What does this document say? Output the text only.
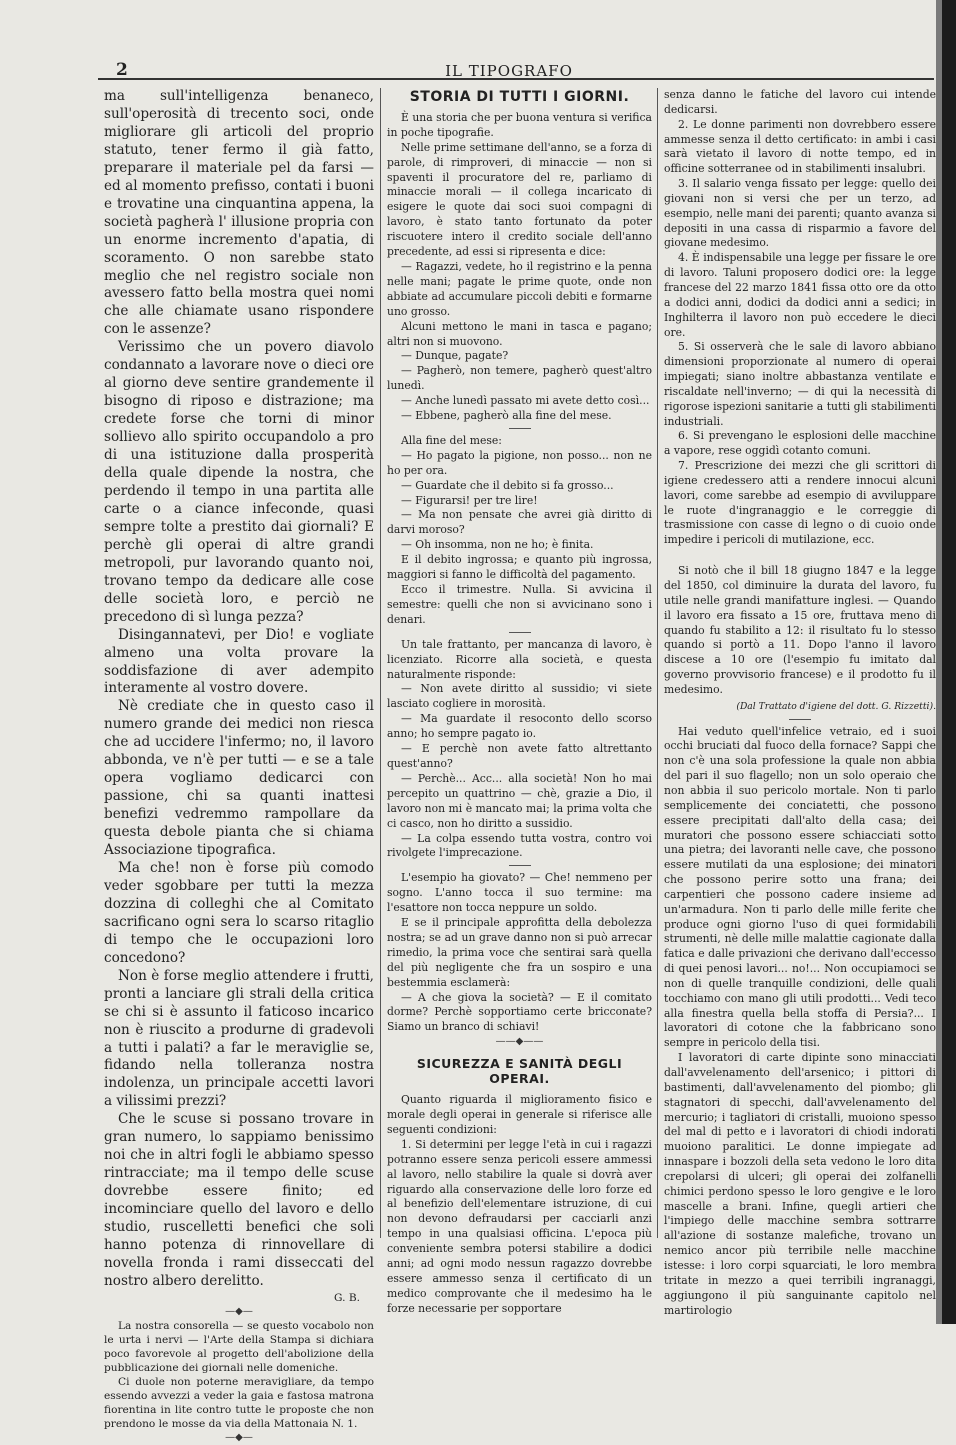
2	IL TIPOGRAFO

ma sull'intelligenza benaneco, sull'operosità di trecento soci, onde migliorare gli articoli del proprio statuto, tener fermo il già fatto, preparare il materiale pel da farsi — ed al momento prefisso, contati i buoni e trovatine una cinquantina appena, la società pagherà l' illusione propria con un enorme incremento d'apatia, di scoramento. O non sarebbe stato meglio che nel registro sociale non avessero fatto bella mostra quei nomi che alle chiamate usano rispondere con le assenze?

Verissimo che un povero diavolo condannato a lavorare nove o dieci ore al giorno deve sentire grandemente il bisogno di riposo e distrazione; ma credete forse che torni di minor sollievo allo spirito occupandolo a pro di una istituzione dalla prosperità della quale dipende la nostra, che perdendo il tempo in una partita alle carte o a ciance infeconde, quasi sempre tolte a prestito dai giornali? E perchè gli operai di altre grandi metropoli, pur lavorando quanto noi, trovano tempo da dedicare alle cose delle società loro, e perciò ne precedono di sì lunga pezza?

Disingannatevi, per Dio! e vogliate almeno una volta provare la soddisfazione di aver adempito interamente al vostro dovere.

Nè crediate che in questo caso il numero grande dei medici non riesca che ad uccidere l'infermo; no, il lavoro abbonda, ve n'è per tutti — e se a tale opera vogliamo dedicarci con passione, chi sa quanti inattesi benefizi vedremmo rampollare da questa debole pianta che si chiama Associazione tipografica.

Ma che! non è forse più comodo veder sgobbare per tutti la mezza dozzina di colleghi che al Comitato sacrificano ogni sera lo scarso ritaglio di tempo che le occupazioni loro concedono?

Non è forse meglio attendere i frutti, pronti a lanciare gli strali della critica se chi si è assunto il faticoso incarico non è riuscito a produrne di gradevoli a tutti i palati? a far le meraviglie se, fidando nella tolleranza nostra indolenza, un principale accetti lavori a vilissimi prezzi?

Che le scuse si possano trovare in gran numero, lo sappiamo benissimo noi che in altri fogli le abbiamo spesso rintracciate; ma il tempo delle scuse dovrebbe essere finito; ed incominciare quello del lavoro e dello studio, ruscelletti benefici che soli hanno potenza di rinnovellare di novella fronda i rami disseccati del nostro albero derelitto.

G. B.

—◆—

La nostra consorella — se questo vocabolo non le urta i nervi — l'Arte della Stampa si dichiara poco favorevole al progetto dell'abolizione della pubblicazione dei giornali nelle domeniche.

Ci duole non poterne meravigliare, da tempo essendo avvezzi a veder la gaia e fastosa matrona fiorentina in lite contro tutte le proposte che non prendono le mosse da via della Mattonaia N. 1.

—◆—
STORIA DI TUTTI I GIORNI.

È una storia che per buona ventura si verifica in poche tipografie.

Nelle prime settimane dell'anno, se a forza di parole, di rimproveri, di minaccie — non si spaventi il procuratore del re, parliamo di minaccie morali — il collega incaricato di esigere le quote dai soci suoi compagni di lavoro, è stato tanto fortunato da poter riscuotere intero il credito sociale dell'anno precedente, ad essi si ripresenta e dice:

— Ragazzi, vedete, ho il registrino e la penna nelle mani; pagate le prime quote, onde non abbiate ad accumulare piccoli debiti e formarne uno grosso.

Alcuni mettono le mani in tasca e pagano; altri non si muovono.

— Dunque, pagate?

— Pagherò, non temere, pagherò quest'altro lunedì.

— Anche lunedì passato mi avete detto così...

— Ebbene, pagherò alla fine del mese.

Alla fine del mese:

— Ho pagato la pigione, non posso... non ne ho per ora.

— Guardate che il debito si fa grosso...

— Figurarsi! per tre lire!

— Ma non pensate che avrei già diritto di darvi moroso?

— Oh insomma, non ne ho; è finita.

E il debito ingrossa; e quanto più ingrossa, maggiori si fanno le difficoltà del pagamento.

Ecco il trimestre. Nulla. Si avvicina il semestre: quelli che non si avvicinano sono i denari.

Un tale frattanto, per mancanza di lavoro, è licenziato. Ricorre alla società, e questa naturalmente risponde:

— Non avete diritto al sussidio; vi siete lasciato cogliere in morosità.

— Ma guardate il resoconto dello scorso anno; ho sempre pagato io.

— E perchè non avete fatto altrettanto quest'anno?

— Perchè... Acc... alla società! Non ho mai percepito un quattrino — chè, grazie a Dio, il lavoro non mi è mancato mai; la prima volta che ci casco, non ho diritto a sussidio.

— La colpa essendo tutta vostra, contro voi rivolgete l'imprecazione.

L'esempio ha giovato? — Che! nemmeno per sogno. L'anno tocca il suo termine: ma l'esattore non tocca neppure un soldo.

E se il principale approfitta della debolezza nostra; se ad un grave danno non si può arrecar rimedio, la prima voce che sentirai sarà quella del più negligente che fra un sospiro e una bestemmia esclamerà:

— A che giova la società? — E il comitato dorme? Perchè sopportiamo certe bricconate? Siamo un branco di schiavi!

——◆——
SICUREZZA E SANITÀ DEGLI OPERAI.

Quanto riguarda il miglioramento fisico e morale degli operai in generale si riferisce alle seguenti condizioni:

1. Si determini per legge l'età in cui i ragazzi potranno essere senza pericoli essere ammessi al lavoro, nello stabilire la quale si dovrà aver riguardo alla conservazione delle loro forze ed al benefizio dell'elementare istruzione, di cui non devono defraudarsi per cacciarli anzi tempo in una qualsiasi officina. L'epoca più conveniente sembra potersi stabilire a dodici anni; ad ogni modo nessun ragazzo dovrebbe essere ammesso senza il certificato di un medico comprovante che il medesimo ha le forze necessarie per sopportare

senza danno le fatiche del lavoro cui intende dedicarsi.

2. Le donne parimenti non dovrebbero essere ammesse senza il detto certificato: in ambi i casi sarà vietato il lavoro di notte tempo, ed in officine sotterranee od in stabilimenti insalubri.

3. Il salario venga fissato per legge: quello dei giovani non si versi che per un terzo, ad esempio, nelle mani dei parenti; quanto avanza si depositi in una cassa di risparmio a favore del giovane medesimo.

4. È indispensabile una legge per fissare le ore di lavoro. Taluni proposero dodici ore: la legge francese del 22 marzo 1841 fissa otto ore da otto a dodici anni, dodici da dodici anni a sedici; in Inghilterra il lavoro non può eccedere le dieci ore.

5. Si osserverà che le sale di lavoro abbiano dimensioni proporzionate al numero di operai impiegati; siano inoltre abbastanza ventilate e riscaldate nell'inverno; — di qui la necessità di rigorose ispezioni sanitarie a tutti gli stabilimenti industriali.

6. Si prevengano le esplosioni delle macchine a vapore, rese oggidì cotanto comuni.

7. Prescrizione dei mezzi che gli scrittori di igiene credessero atti a rendere innocui alcuni lavori, come sarebbe ad esempio di avviluppare le ruote d'ingranaggio e le correggie di trasmissione con casse di legno o di cuoio onde impedire i pericoli di mutilazione, ecc.

Si notò che il bill 18 giugno 1847 e la legge del 1850, col diminuire la durata del lavoro, fu utile nelle grandi manifatture inglesi. — Quando il lavoro era fissato a 15 ore, fruttava meno di quando fu stabilito a 12: il risultato fu lo stesso quando si portò a 11. Dopo l'anno il lavoro discese a 10 ore (l'esempio fu imitato dal governo provvisorio francese) e il prodotto fu il medesimo.

(Dal Trattato d'igiene del dott. G. Rizzetti).

Hai veduto quell'infelice vetraio, ed i suoi occhi bruciati dal fuoco della fornace? Sappi che non c'è una sola professione la quale non abbia del pari il suo flagello; non un solo operaio che non abbia il suo pericolo mortale. Non ti parlo semplicemente dei conciatetti, che possono essere precipitati dall'alto della casa; dei muratori che possono essere schiacciati sotto una pietra; dei lavoranti nelle cave, che possono essere mutilati da una esplosione; dei minatori che possono perire sotto una frana; dei carpentieri che possono cadere insieme ad un'armadura. Non ti parlo delle mille ferite che produce ogni giorno l'uso di quei formidabili strumenti, nè delle mille malattie cagionate dalla fatica e dalle privazioni che derivano dall'eccesso di quei penosi lavori... no!... Non occupiamoci se non di quelle tranquille condizioni, delle quali tocchiamo con mano gli utili prodotti... Vedi teco alla finestra quella bella stoffa di Persia?... I lavoratori di cotone che la fabbricano sono sempre in pericolo della tisi.

I lavoratori di carte dipinte sono minacciati dall'avvelenamento dell'arsenico; i pittori di bastimenti, dall'avvelenamento del piombo; gli stagnatori di specchi, dall'avvelenamento del mercurio; i tagliatori di cristalli, muoiono spesso del mal di petto e i lavoratori di chiodi indorati muoiono paralitici. Le donne impiegate ad innaspare i bozzoli della seta vedono le loro dita crepolarsi di ulceri; gli operai dei zolfanelli chimici perdono spesso le loro gengive e le loro mascelle a brani. Infine, quegli artieri che l'impiego delle macchine sembra sottrarre all'azione di sostanze malefiche, trovano un nemico ancor più terribile nelle macchine istesse: i loro corpi squarciati, le loro membra tritate in mezzo a quei terribili ingranaggi, aggiungono il più sanguinante capitolo nel martirologio
